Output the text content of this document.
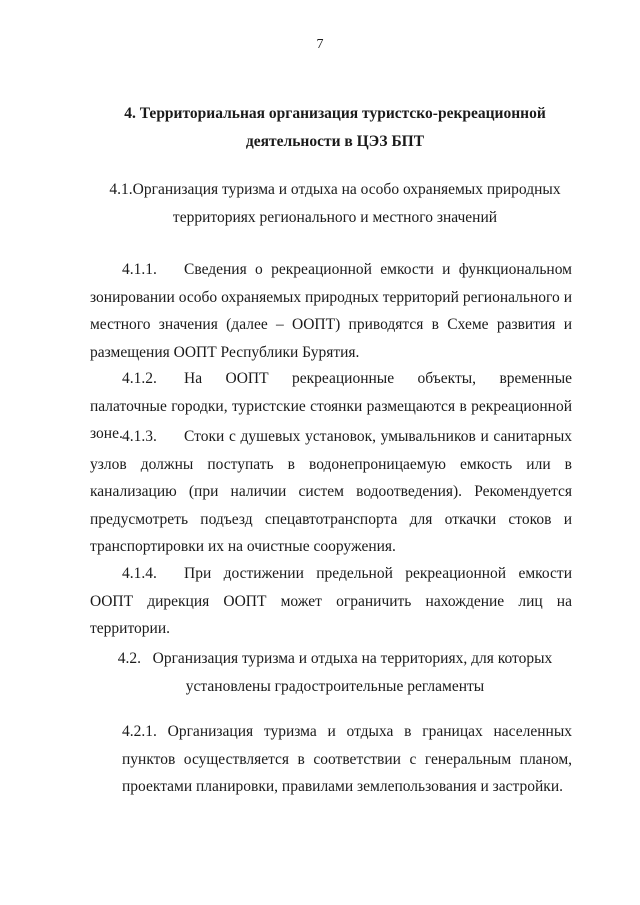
7
4. Территориальная организация туристско-рекреационной деятельности в ЦЭЗ БПТ
4.1.Организация туризма и отдыха на особо охраняемых природных территориях регионального и местного значений
4.1.1. Сведения о рекреационной емкости и функциональном зонировании особо охраняемых природных территорий регионального и местного значения (далее – ООПТ) приводятся в Схеме развития и размещения ООПТ Республики Бурятия.
4.1.2. На ООПТ рекреационные объекты, временные палаточные городки, туристские стоянки размещаются в рекреационной зоне. 4.1.3. Стоки с душевых установок, умывальников и санитарных узлов должны поступать в водонепроницаемую емкость или в канализацию (при наличии систем водоотведения). Рекомендуется предусмотреть подъезд спецавтотранспорта для откачки стоков и транспортировки их на очистные сооружения.
4.1.4. При достижении предельной рекреационной емкости ООПТ дирекция ООПТ может ограничить нахождение лиц на территории.
4.2.   Организация туризма и отдыха на территориях, для которых установлены градостроительные регламенты
4.2.1. Организация туризма и отдыха в границах населенных пунктов осуществляется в соответствии с генеральным планом, проектами планировки, правилами землепользования и застройки.
